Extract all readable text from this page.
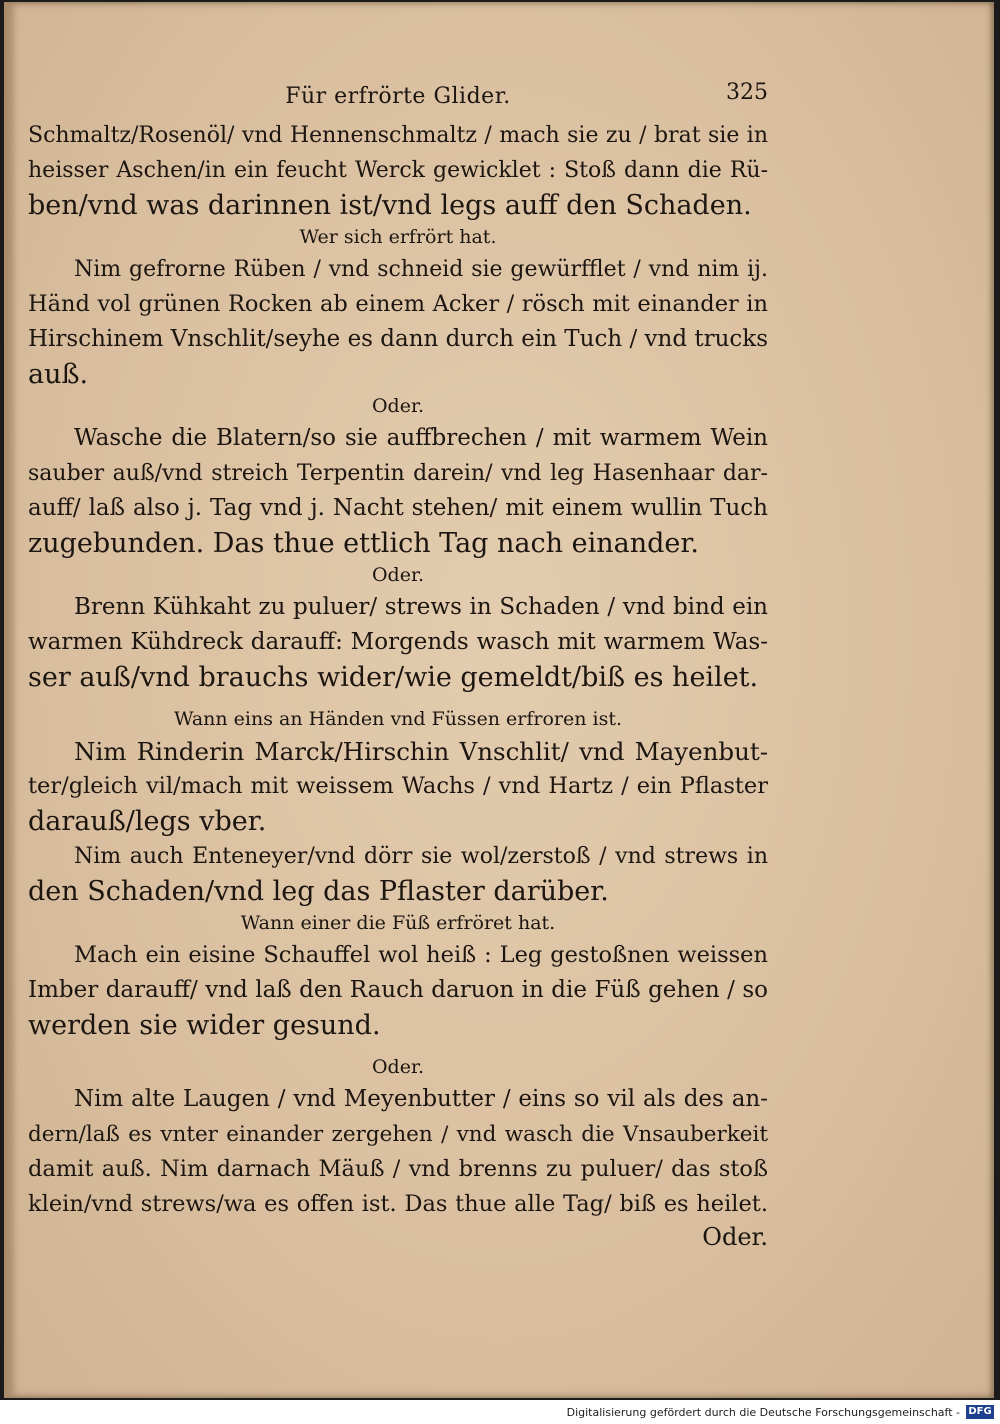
Für erfrörte Glider.	325
Schmaltz/Rosenöl/ vnd Hennenschmaltz / mach sie zu / brat sie in
heisser Aschen/in ein feucht Werck gewicklet : Stoß dann die Rü-
ben/vnd was darinnen ist/vnd legs auff den Schaden.
Wer sich erfrört hat.
Nim gefrorne Rüben / vnd schneid sie gewürfflet / vnd nim ij.
Händ vol grünen Rocken ab einem Acker / rösch mit einander in
Hirschinem Vnschlit/seyhe es dann durch ein Tuch / vnd trucks
auß.
Oder.
Wasche die Blatern/so sie auffbrechen / mit warmem Wein
sauber auß/vnd streich Terpentin darein/ vnd leg Hasenhaar dar-
auff/ laß also j. Tag vnd j. Nacht stehen/ mit einem wullin Tuch
zugebunden. Das thue ettlich Tag nach einander.
Oder.
Brenn Kühkaht zu puluer/ strews in Schaden / vnd bind ein
warmen Kühdreck darauff: Morgends wasch mit warmem Was-
ser auß/vnd brauchs wider/wie gemeldt/biß es heilet.
Wann eins an Händen vnd Füssen erfroren ist.
Nim Rinderin Marck/Hirschin Vnschlit/ vnd Mayenbut-
ter/gleich vil/mach mit weissem Wachs / vnd Hartz / ein Pflaster
darauß/legs vber.
Nim auch Enteneyer/vnd dörr sie wol/zerstoß / vnd strews in
den Schaden/vnd leg das Pflaster darüber.
Wann einer die Füß erfröret hat.
Mach ein eisine Schauffel wol heiß : Leg gestoßnen weissen
Imber darauff/ vnd laß den Rauch daruon in die Füß gehen / so
werden sie wider gesund.
Oder.
Nim alte Laugen / vnd Meyenbutter / eins so vil als des an-
dern/laß es vnter einander zergehen / vnd wasch die Vnsauberkeit
damit auß. Nim darnach Mäuß / vnd brenns zu puluer/ das stoß
klein/vnd strews/wa es offen ist. Das thue alle Tag/ biß es heilet.
Oder.
Digitalisierung gefördert durch die Deutsche Forschungsgemeinschaft - DFG
